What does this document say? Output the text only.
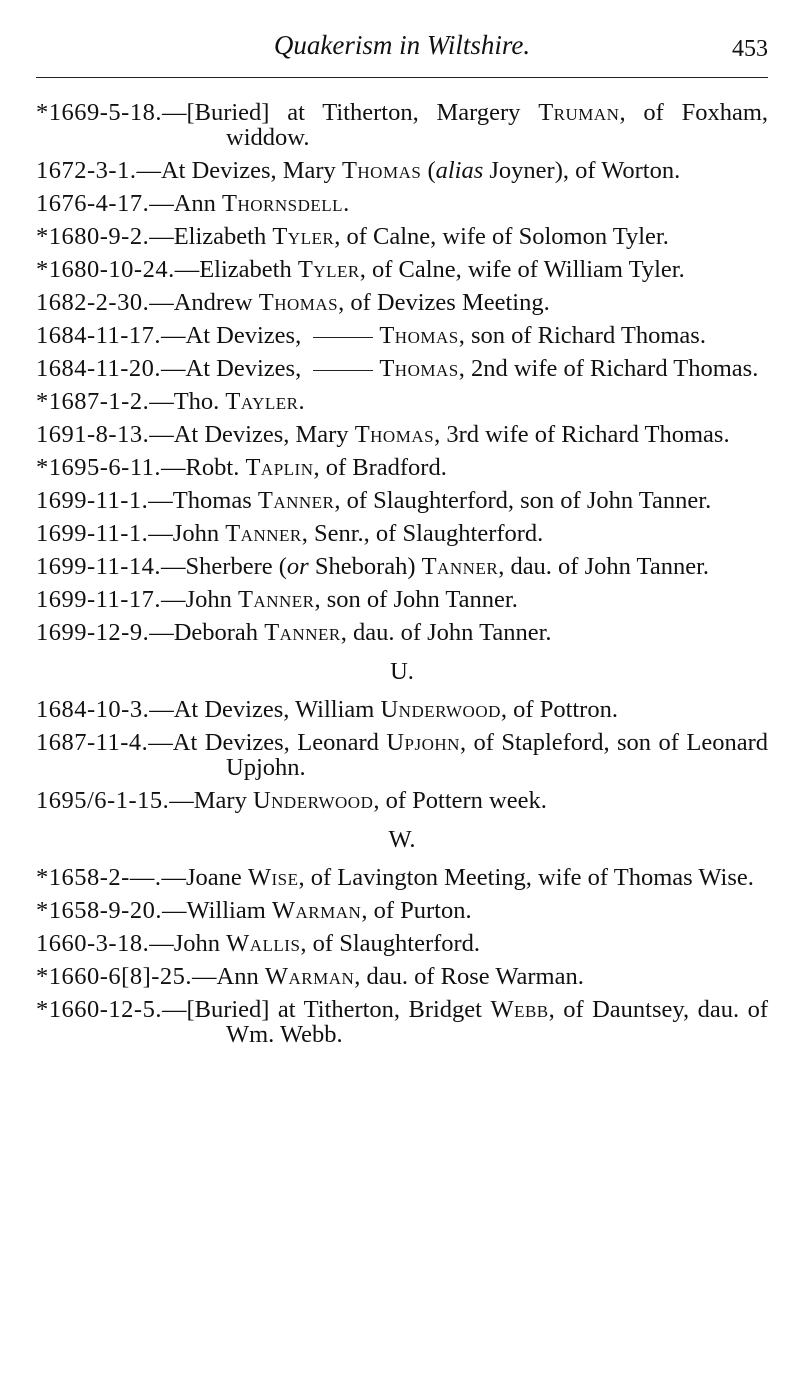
Quakerism in Wiltshire.	453

*1669-5-18.—[Buried] at Titherton, Margery Truman, of Foxham, widdow.

1672-3-1.—At Devizes, Mary Thomas (alias Joyner), of Worton.

1676-4-17.—Ann Thornsdell.

*1680-9-2.—Elizabeth Tyler, of Calne, wife of Solomon Tyler.

*1680-10-24.—Elizabeth Tyler, of Calne, wife of William Tyler.

1682-2-30.—Andrew Thomas, of Devizes Meeting.

1684-11-17.—At Devizes,	Thomas, son of Richard Thomas.

1684-11-20.—At Devizes,	Thomas, 2nd wife of Richard Thomas.

*1687-1-2.—Tho. Tayler.

1691-8-13.—At Devizes, Mary Thomas, 3rd wife of Richard Thomas.

*1695-6-11.—Robt. Taplin, of Bradford.

1699-11-1.—Thomas Tanner, of Slaughterford, son of John Tanner.

1699-11-1.—John Tanner, Senr., of Slaughterford.

1699-11-14.—Sherbere (or Sheborah) Tanner, dau. of John Tanner.

1699-11-17.—John Tanner, son of John Tanner.

1699-12-9.—Deborah Tanner, dau. of John Tanner.

U.

1684-10-3.—At Devizes, William Underwood, of Pottron.

1687-11-4.—At Devizes, Leonard Upjohn, of Stapleford, son of Leonard Upjohn.

1695/6-1-15.—Mary Underwood, of Pottern week.

W.

*1658-2-—.—Joane Wise, of Lavington Meeting, wife of Thomas Wise.

*1658-9-20.—William Warman, of Purton.

1660-3-18.—John Wallis, of Slaughterford.

*1660-6[8]-25.—Ann Warman, dau. of Rose Warman.

*1660-12-5.—[Buried] at Titherton, Bridget Webb, of Dauntsey, dau. of Wm. Webb.
